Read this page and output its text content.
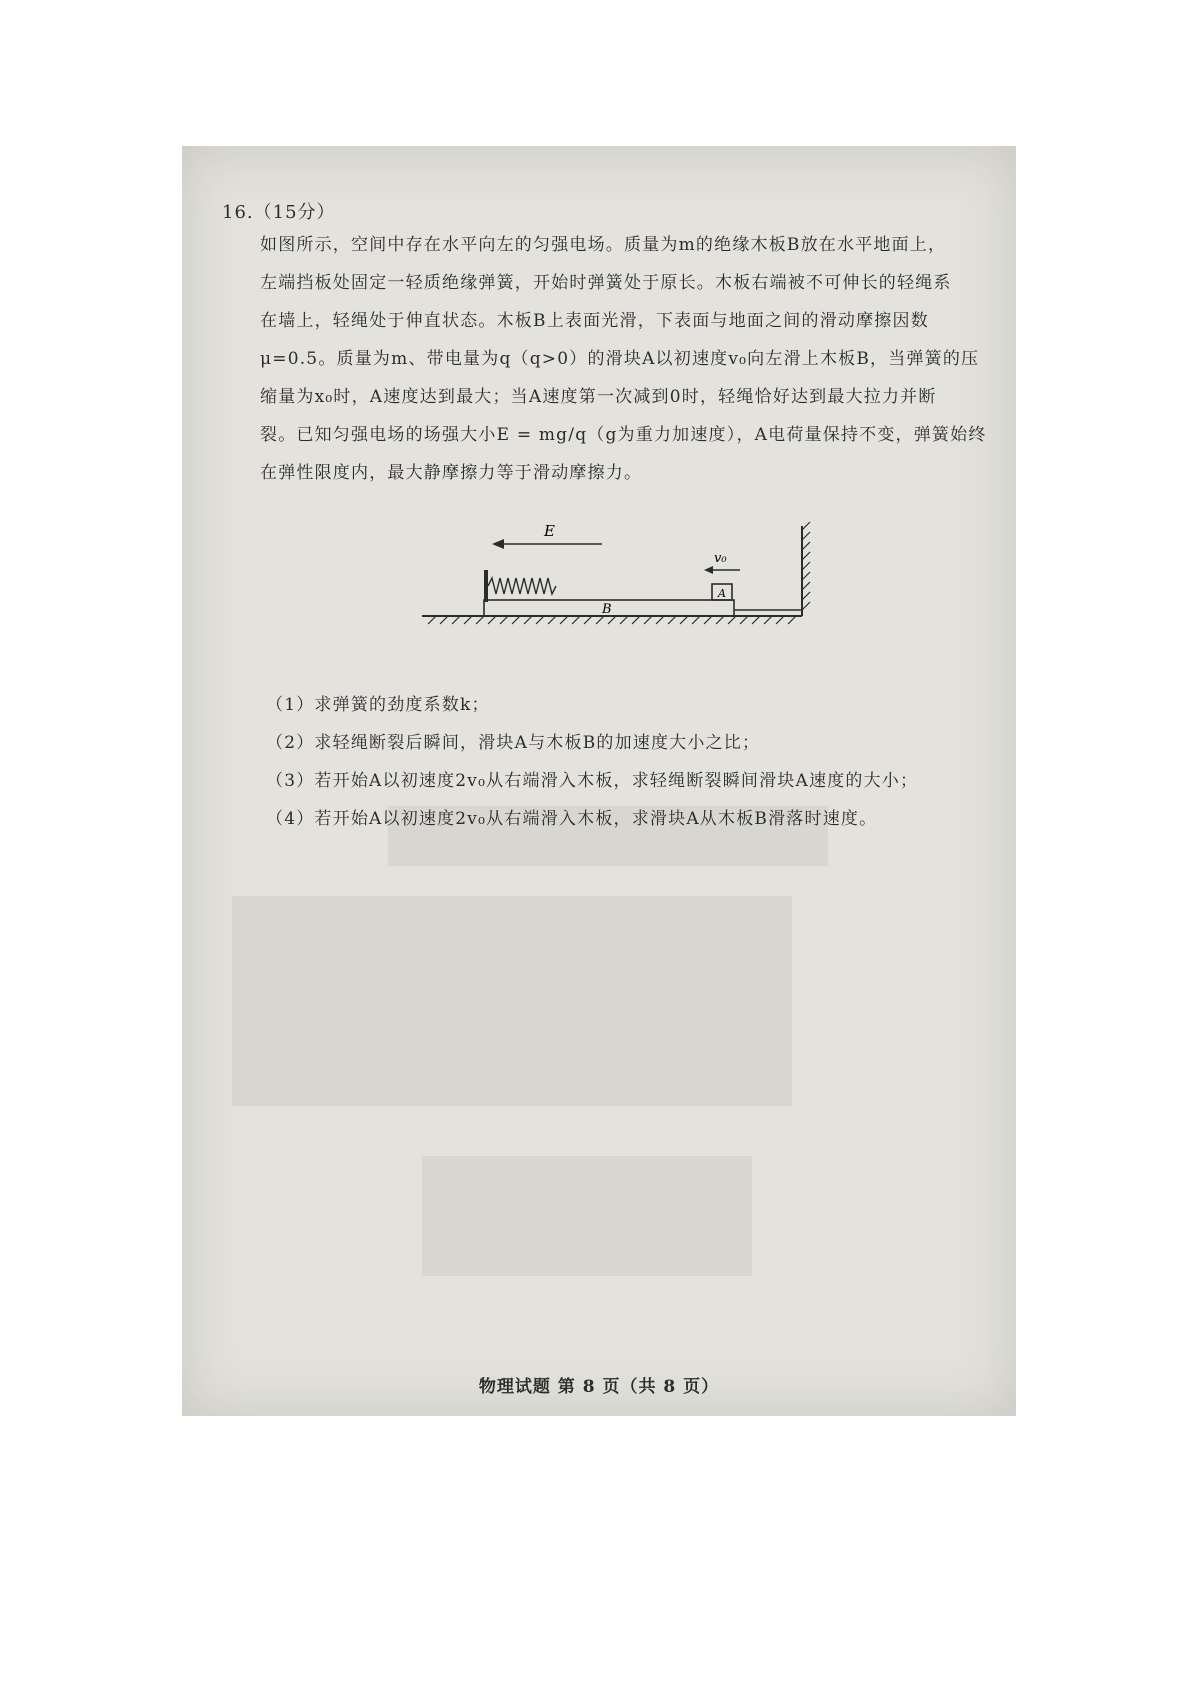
16.（15分）
如图所示，空间中存在水平向左的匀强电场。质量为m的绝缘木板B放在水平地面上，
左端挡板处固定一轻质绝缘弹簧，开始时弹簧处于原长。木板右端被不可伸长的轻绳系
在墙上，轻绳处于伸直状态。木板B上表面光滑，下表面与地面之间的滑动摩擦因数
μ=0.5。质量为m、带电量为q（q>0）的滑块A以初速度v₀向左滑上木板B，当弹簧的压
缩量为x₀时，A速度达到最大；当A速度第一次减到0时，轻绳恰好达到最大拉力并断
裂。已知匀强电场的场强大小E = mg/q（g为重力加速度），A电荷量保持不变，弹簧始终
在弹性限度内，最大静摩擦力等于滑动摩擦力。
A
B
E
v₀
（1）求弹簧的劲度系数k；
（2）求轻绳断裂后瞬间，滑块A与木板B的加速度大小之比；
（3）若开始A以初速度2v₀从右端滑入木板，求轻绳断裂瞬间滑块A速度的大小；
（4）若开始A以初速度2v₀从右端滑入木板，求滑块A从木板B滑落时速度。
物理试题 第 8 页（共 8 页）
